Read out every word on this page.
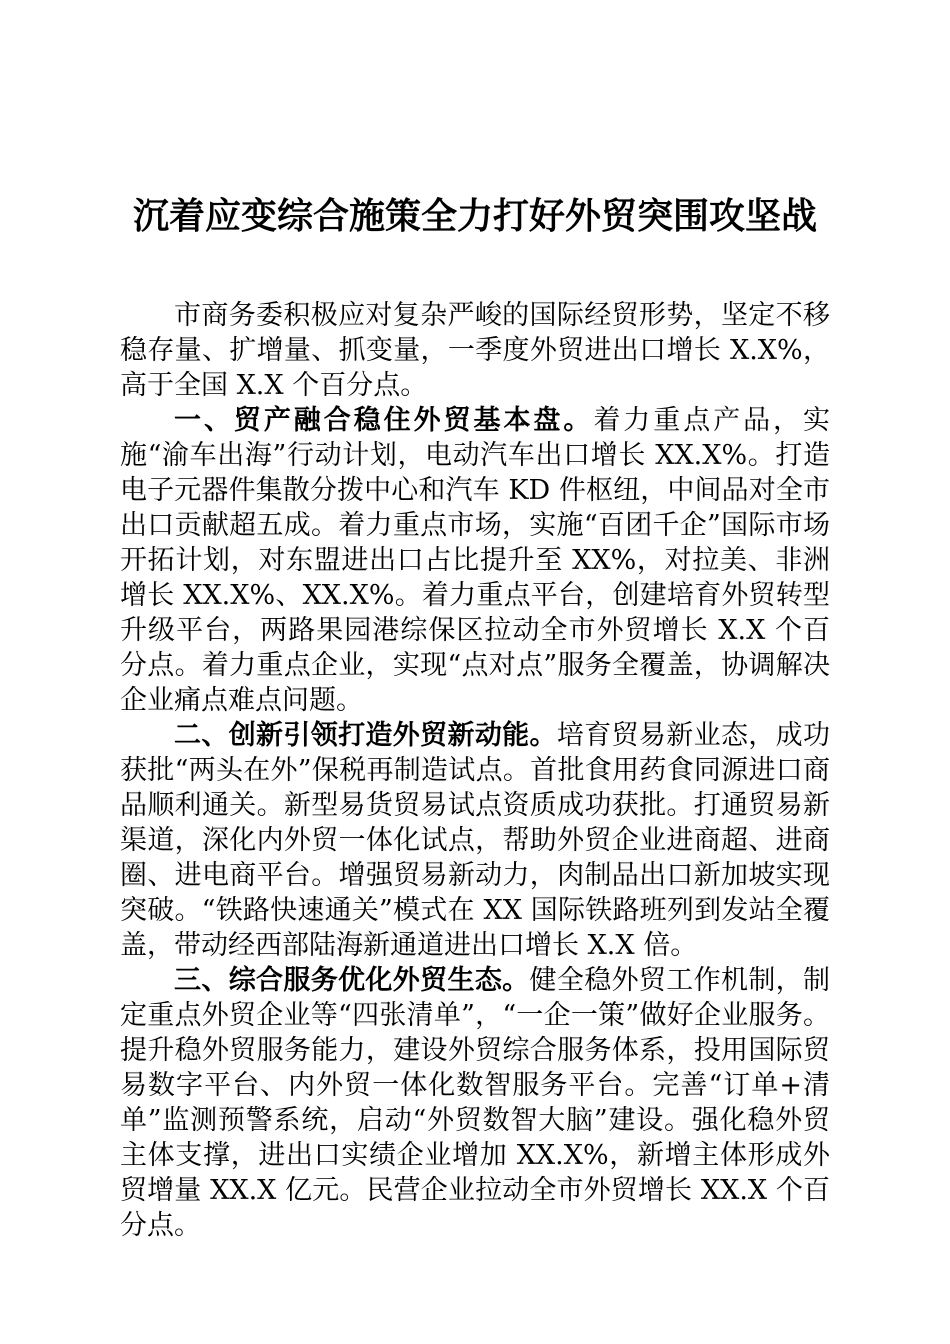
沉着应变综合施策全力打好外贸突围攻坚战

市商务委积极应对复杂严峻的国际经贸形势，坚定不移稳存量、扩增量、抓变量，一季度外贸进出口增长 X.X%，高于全国 X.X 个百分点。

一、贸产融合稳住外贸基本盘。着力重点产品，实施“渝车出海”行动计划，电动汽车出口增长 XX.X%。打造电子元器件集散分拨中心和汽车 KD 件枢纽，中间品对全市出口贡献超五成。着力重点市场，实施“百团千企”国际市场开拓计划，对东盟进出口占比提升至 XX%，对拉美、非洲增长 XX.X%、XX.X%。着力重点平台，创建培育外贸转型升级平台，两路果园港综保区拉动全市外贸增长 X.X 个百分点。着力重点企业，实现“点对点”服务全覆盖，协调解决企业痛点难点问题。

二、创新引领打造外贸新动能。培育贸易新业态，成功获批“两头在外”保税再制造试点。首批食用药食同源进口商品顺利通关。新型易货贸易试点资质成功获批。打通贸易新渠道，深化内外贸一体化试点，帮助外贸企业进商超、进商圈、进电商平台。增强贸易新动力，肉制品出口新加坡实现突破。“铁路快速通关”模式在 XX 国际铁路班列到发站全覆盖，带动经西部陆海新通道进出口增长 X.X 倍。

三、综合服务优化外贸生态。健全稳外贸工作机制，制定重点外贸企业等“四张清单”，“一企一策”做好企业服务。提升稳外贸服务能力，建设外贸综合服务体系，投用国际贸易数字平台、内外贸一体化数智服务平台。完善“订单+清单”监测预警系统，启动“外贸数智大脑”建设。强化稳外贸主体支撑，进出口实绩企业增加 XX.X%，新增主体形成外贸增量 XX.X 亿元。民营企业拉动全市外贸增长 XX.X 个百分点。
